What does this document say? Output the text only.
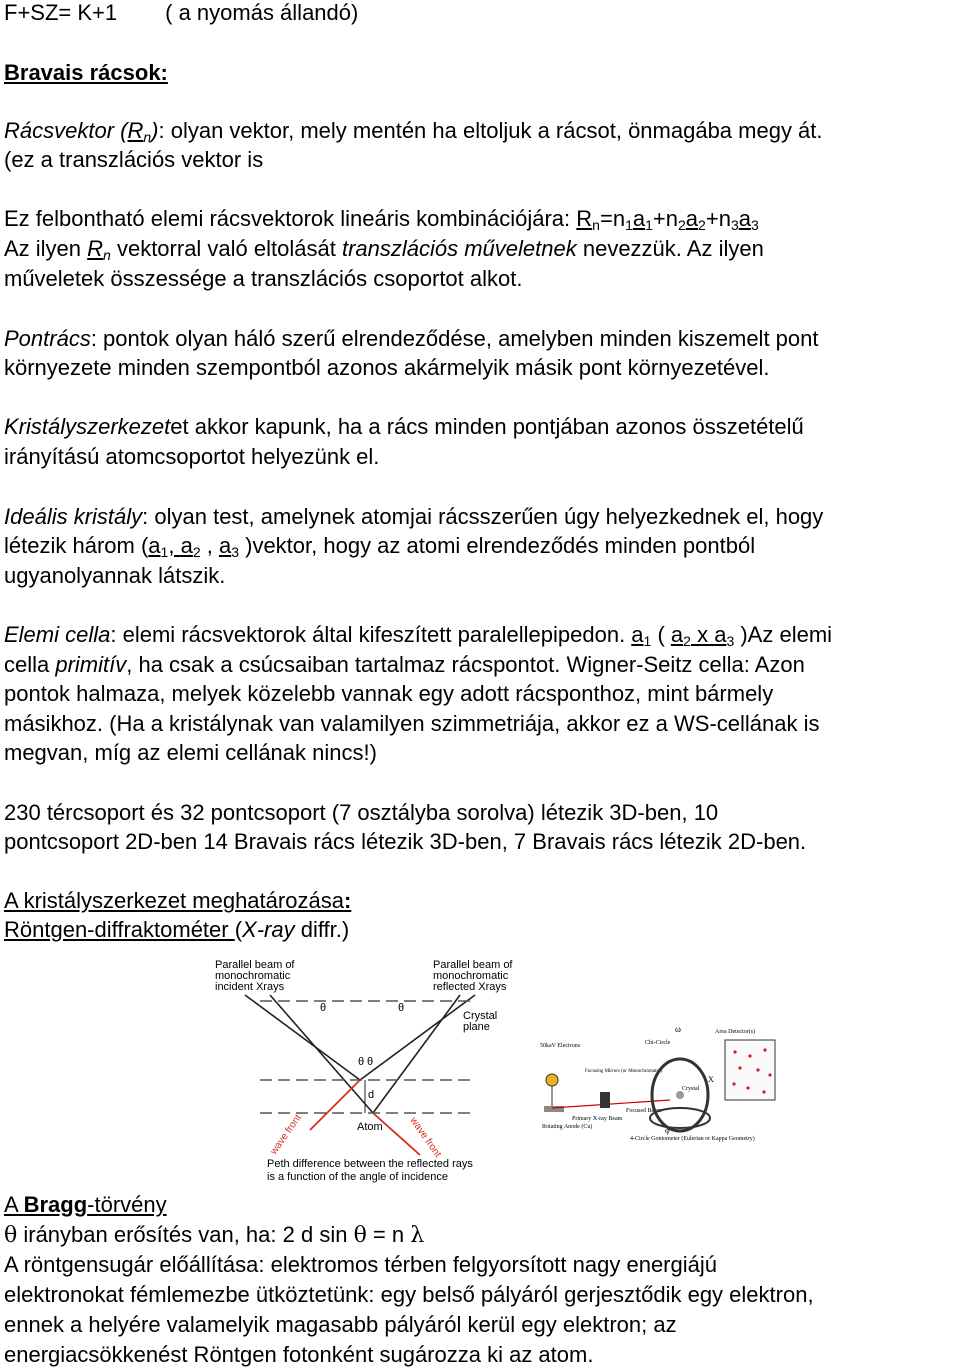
F+SZ= K+1 ( a nyomás állandó)
Bravais rácsok:
Rácsvektor $(R_n)$: olyan vektor, mely mentén ha eltoljuk a rácsot, önmagába megy át.
(ez a transzlációs vektor is
Ez felbontható elemi rácsvektorok lineáris kombinációjára: $R_n=n_1a_1+n_2a_2+n_3a_3$
Az ilyen $R_n$ vektorral való eltolását transzlációs műveletnek nevezzük. Az ilyen
műveletek összessége a transzlációs csoportot alkot.
Pontrács: pontok olyan háló szerű elrendeződése, amelyben minden kiszemelt pont
környezete minden szempontból azonos akármelyik másik pont környezetével.
Kristályszerkezetet akkor kapunk, ha a rács minden pontjában azonos összetételű
irányítású atomcsoportot helyezünk el.
Ideális kristály: olyan test, amelynek atomjai rácsszerűen úgy helyezkednek el, hogy
létezik három ($a_1$, $a_2$ , $a_3$ )vektor, hogy az atomi elrendeződés minden pontból
ugyanolyannak látszik.
Elemi cella: elemi rácsvektorok által kifeszített paralellepipedon. $a_1$ ( $a_2$ x $a_3$ )Az elemi
cella primitív, ha csak a csúcsaiban tartalmaz rácspontot. Wigner-Seitz cella: Azon
pontok halmaza, melyek közelebb vannak egy adott rácsponthoz, mint bármely
másikhoz. (Ha a kristálynak van valamilyen szimmetriája, akkor ez a WS-cellának is
megvan, míg az elemi cellának nincs!)
230 tércsoport és 32 pontcsoport (7 osztályba sorolva) létezik 3D-ben, 10
pontcsoport 2D-ben 14 Bravais rács létezik 3D-ben, 7 Bravais rács létezik 2D-ben.
A kristályszerkezet meghatározása:
Röntgen-diffraktométer (X-ray diffr.)
Parallel beam of
monochromatic
incident Xrays
Parallel beam of
monochromatic
reflected Xrays
θ	θ
θ θ
Crystal
plane
d
Atom
wave front	wave front
Peth difference between the reflected rays
is a function of the angle of incidence
50kaV Electrons
Rotating Anode (Cu)
Focusing Mirrors (or Monochromator)
Primary X-ray Beam
Focused Beam
Crystal
Chi-Circle
ω
X
φ
Area Detector(s)
4-Circle Goniometer (Eulerian or Kappa Geometry)
A Bragg-törvény
θ irányban erősítés van, ha: 2 d sin θ = n λ
A röntgensugár előállítása: elektromos térben felgyorsított nagy energiájú
elektronokat fémlemezbe ütköztetünk: egy belső pályáról gerjesztődik egy elektron,
ennek a helyére valamelyik magasabb pályáról kerül egy elektron; az
energiacsökkenést Röntgen fotonként sugározza ki az atom.
